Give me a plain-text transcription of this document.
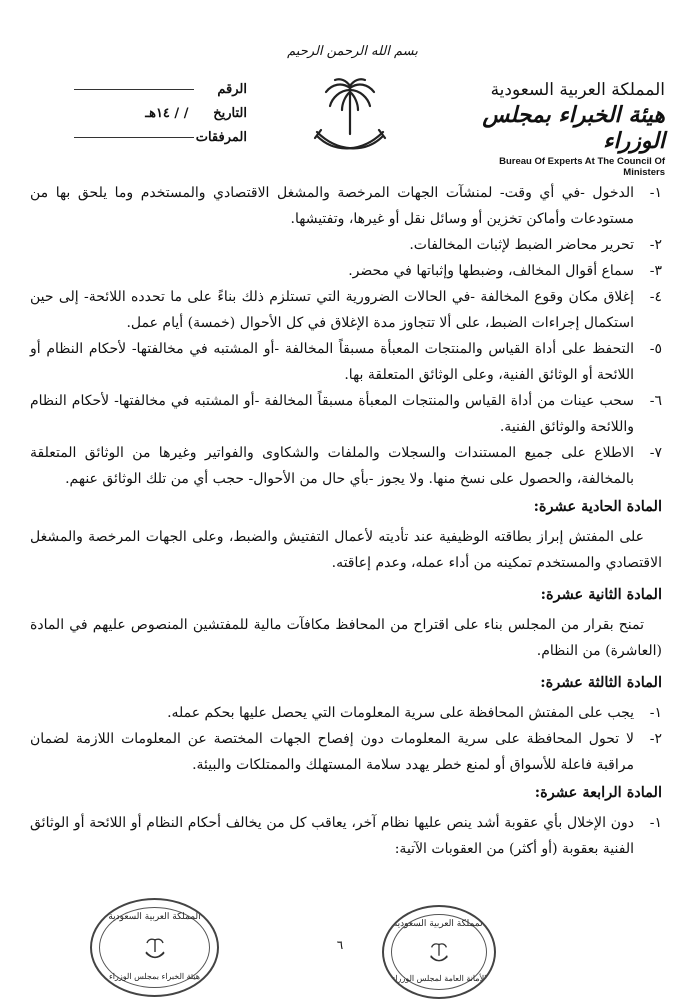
بسم الله الرحمن الرحيم
الرقم
التاريخ / / ١٤هـ
المرفقات
المملكة العربية السعودية
هيئة الخبراء بمجلس الوزراء
Bureau Of Experts At The Council Of Ministers

١-
الدخول -في أي وقت- لمنشآت الجهات المرخصة والمشغل الاقتصادي والمستخدم وما يلحق بها من مستودعات وأماكن تخزين أو وسائل نقل أو غيرها، وتفتيشها.

٢-
تحرير محاضر الضبط لإثبات المخالفات.

٣-
سماع أقوال المخالف، وضبطها وإثباتها في محضر.

٤-
إغلاق مكان وقوع المخالفة -في الحالات الضرورية التي تستلزم ذلك بناءً على ما تحدده اللائحة- إلى حين استكمال إجراءات الضبط، على ألا تتجاوز مدة الإغلاق في كل الأحوال (خمسة) أيام عمل.

٥-
التحفظ على أداة القياس والمنتجات المعبأة مسبقاً المخالفة -أو المشتبه في مخالفتها- لأحكام النظام أو اللائحة أو الوثائق الفنية، وعلى الوثائق المتعلقة بها.

٦-
سحب عينات من أداة القياس والمنتجات المعبأة مسبقاً المخالفة -أو المشتبه في مخالفتها- لأحكام النظام واللائحة والوثائق الفنية.

٧-
الاطلاع على جميع المستندات والسجلات والملفات والشكاوى والفواتير وغيرها من الوثائق المتعلقة بالمخالفة، والحصول على نسخ منها. ولا يجوز -بأي حال من الأحوال- حجب أي من تلك الوثائق عنهم.

المادة الحادية عشرة:

على المفتش إبراز بطاقته الوظيفية عند تأديته لأعمال التفتيش والضبط، وعلى الجهات المرخصة والمشغل الاقتصادي والمستخدم تمكينه من أداء عمله، وعدم إعاقته.

المادة الثانية عشرة:

تمنح بقرار من المجلس بناء على اقتراح من المحافظ مكافآت مالية للمفتشين المنصوص عليهم في المادة (العاشرة) من النظام.

المادة الثالثة عشرة:

١-
يجب على المفتش المحافظة على سرية المعلومات التي يحصل عليها بحكم عمله.

٢-
لا تحول المحافظة على سرية المعلومات دون إفصاح الجهات المختصة عن المعلومات اللازمة لضمان مراقبة فاعلة للأسواق أو لمنع خطر يهدد سلامة المستهلك والممتلكات والبيئة.

المادة الرابعة عشرة:

١-
دون الإخلال بأي عقوبة أشد ينص عليها نظام آخر، يعاقب كل من يخالف أحكام النظام أو اللائحة أو الوثائق الفنية بعقوبة (أو أكثر) من العقوبات الآتية:

المملكة العربية السعودية
هيئة الخبراء بمجلس الوزراء
٦
المملكة العربية السعودية
الأمانة العامة لمجلس الوزراء
